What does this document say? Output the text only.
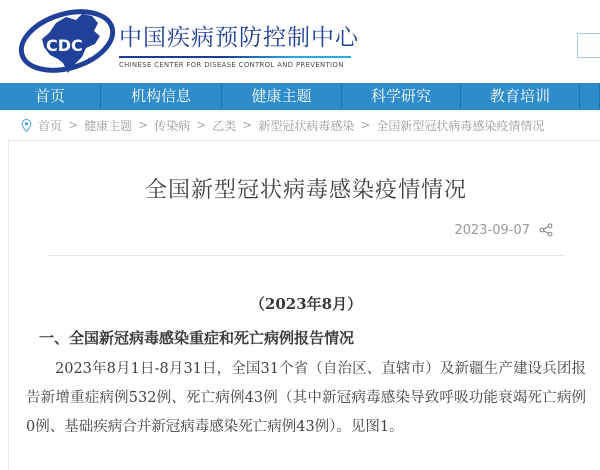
CDC 中国疾病预防控制中心
CHINESE CENTER FOR DISEASE CONTROL AND PREVENTION
首页	机构信息	健康主题	科学研究	教育培训
首页 > 健康主题 > 传染病 > 乙类 > 新型冠状病毒感染 > 全国新型冠状病毒感染疫情情况
全国新型冠状病毒感染疫情情况
2023-09-07
（2023年8月）
一、全国新冠病毒感染重症和死亡病例报告情况

2023年8月1日-8月31日，全国31个省（自治区、直辖市）及新疆生产建设兵团报告新增重症病例532例、死亡病例43例（其中新冠病毒感染导致呼吸功能衰竭死亡病例0例、基础疾病合并新冠病毒感染死亡病例43例）。见图1。
